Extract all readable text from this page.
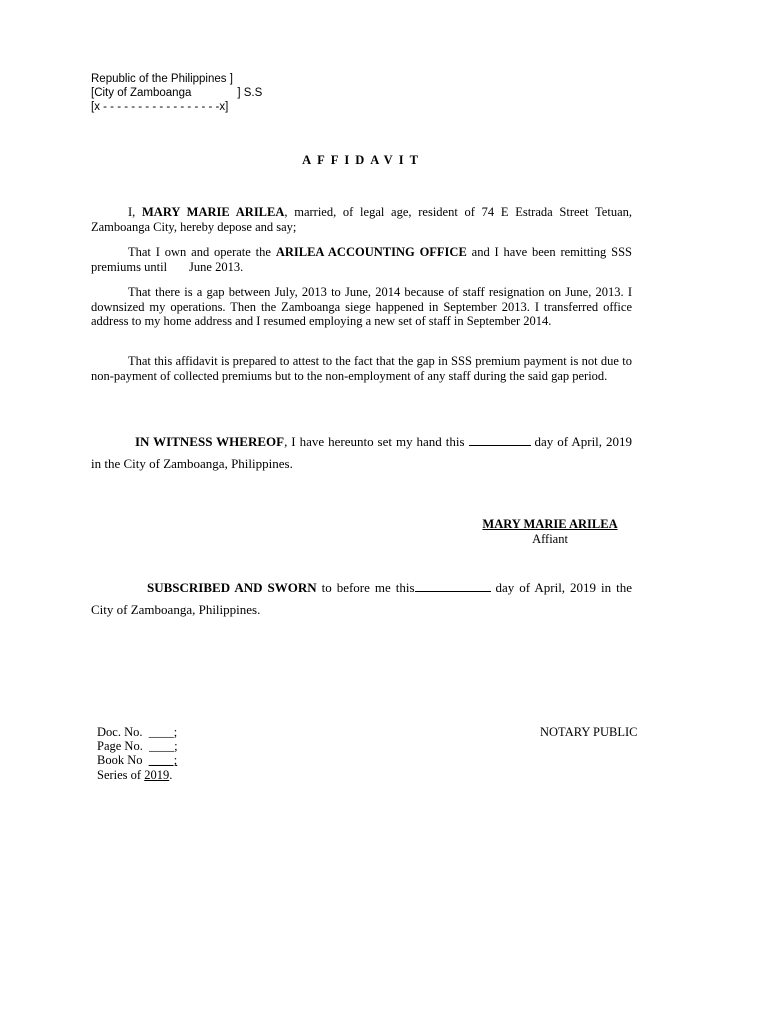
Republic of the Philippines ]
[City of Zamboanga	] S.S
[x - - - - - - - - - - - - - - - - -x]
AFFIDAVIT
I, MARY MARIE ARILEA, married, of legal age, resident of 74 E Estrada Street Tetuan, Zamboanga City, hereby depose and say;
That I own and operate the ARILEA ACCOUNTING OFFICE and I have been remitting SSS premiums until June 2013.
That there is a gap between July, 2013 to June, 2014 because of staff resignation on June, 2013. I downsized my operations. Then the Zamboanga siege happened in September 2013. I transferred office address to my home address and I resumed employing a new set of staff in September 2014.
That this affidavit is prepared to attest to the fact that the gap in SSS premium payment is not due to non-payment of collected premiums but to the non-employment of any staff during the said gap period.
IN WITNESS WHEREOF, I have hereunto set my hand this	day of April, 2019 in the City of Zamboanga, Philippines.
MARY MARIE ARILEA
Affiant
SUBSCRIBED AND SWORN to before me this	day of April, 2019 in the City of Zamboanga, Philippines.
Doc. No. ____;
Page No. ____;
Book No ____;
Series of 2019.
NOTARY PUBLIC
